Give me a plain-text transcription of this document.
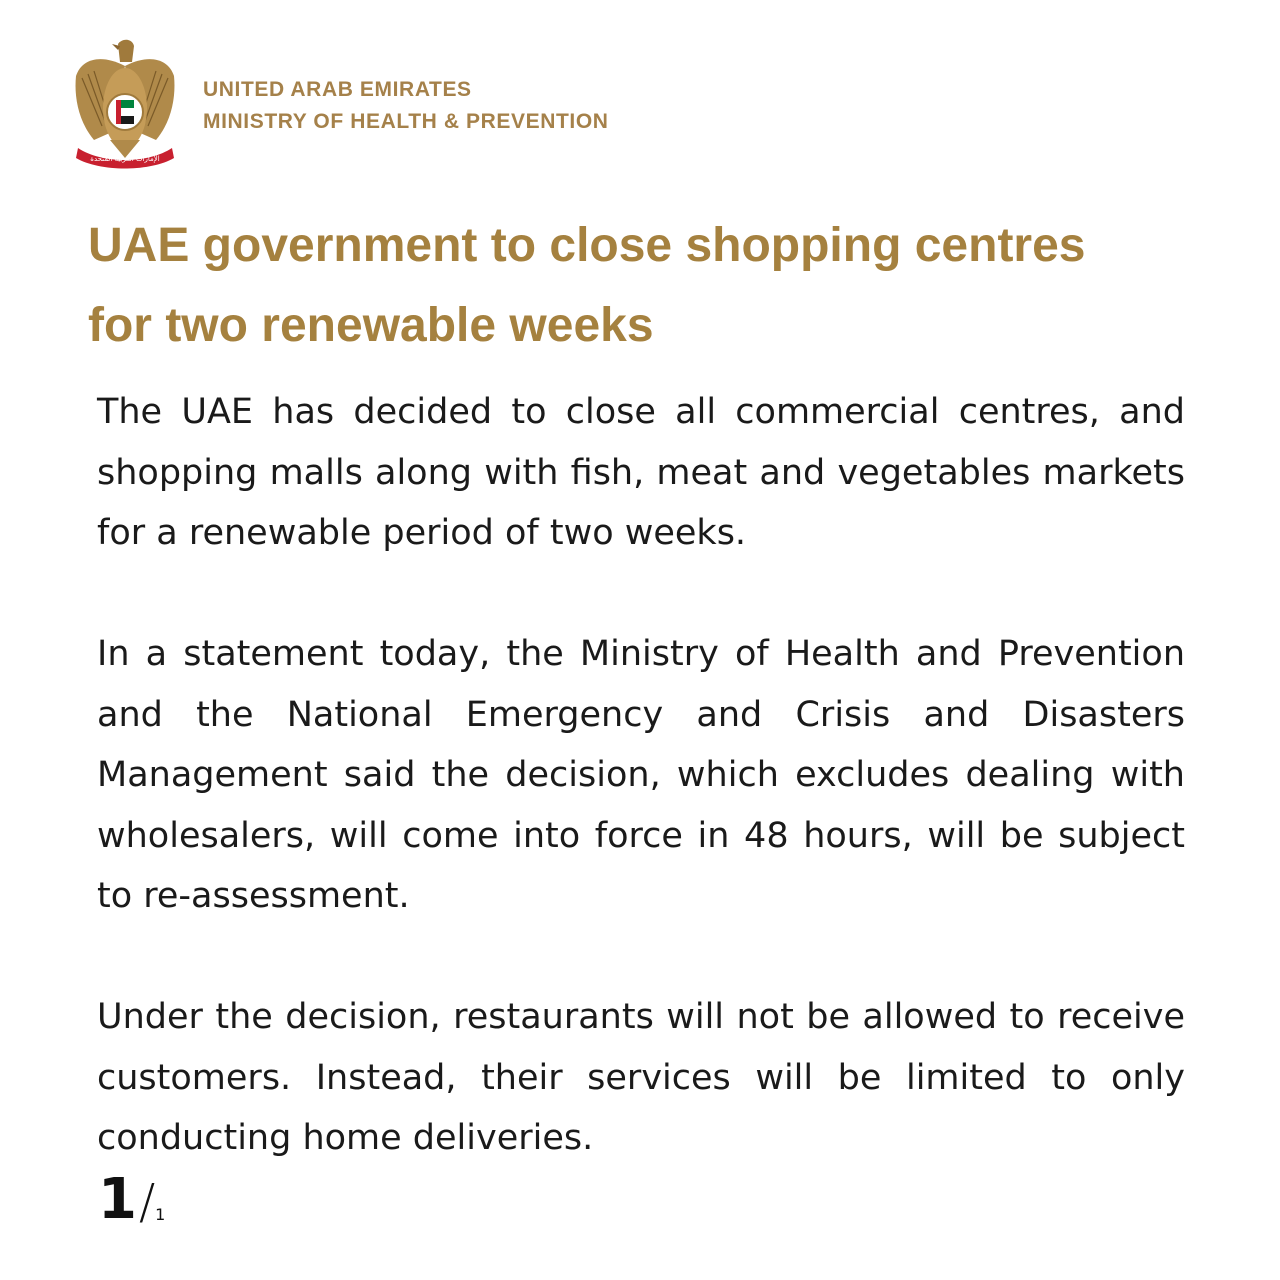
الإمارات العربية المتحدة
UNITED ARAB EMIRATES
MINISTRY OF HEALTH & PREVENTION
UAE government to close shopping centres
for two renewable weeks

The UAE has decided to close all commercial centres, and shopping malls along with fish, meat and vegetables markets for a renewable period of two weeks.

In a statement today, the Ministry of Health and Prevention and the National Emergency and Crisis and Disasters Management said the decision, which excludes dealing with wholesalers, will come into force in 48 hours, will be subject to re-assessment.

Under the decision, restaurants will not be allowed to receive customers. Instead, their services will be limited to only conducting home deliveries.

1/1
